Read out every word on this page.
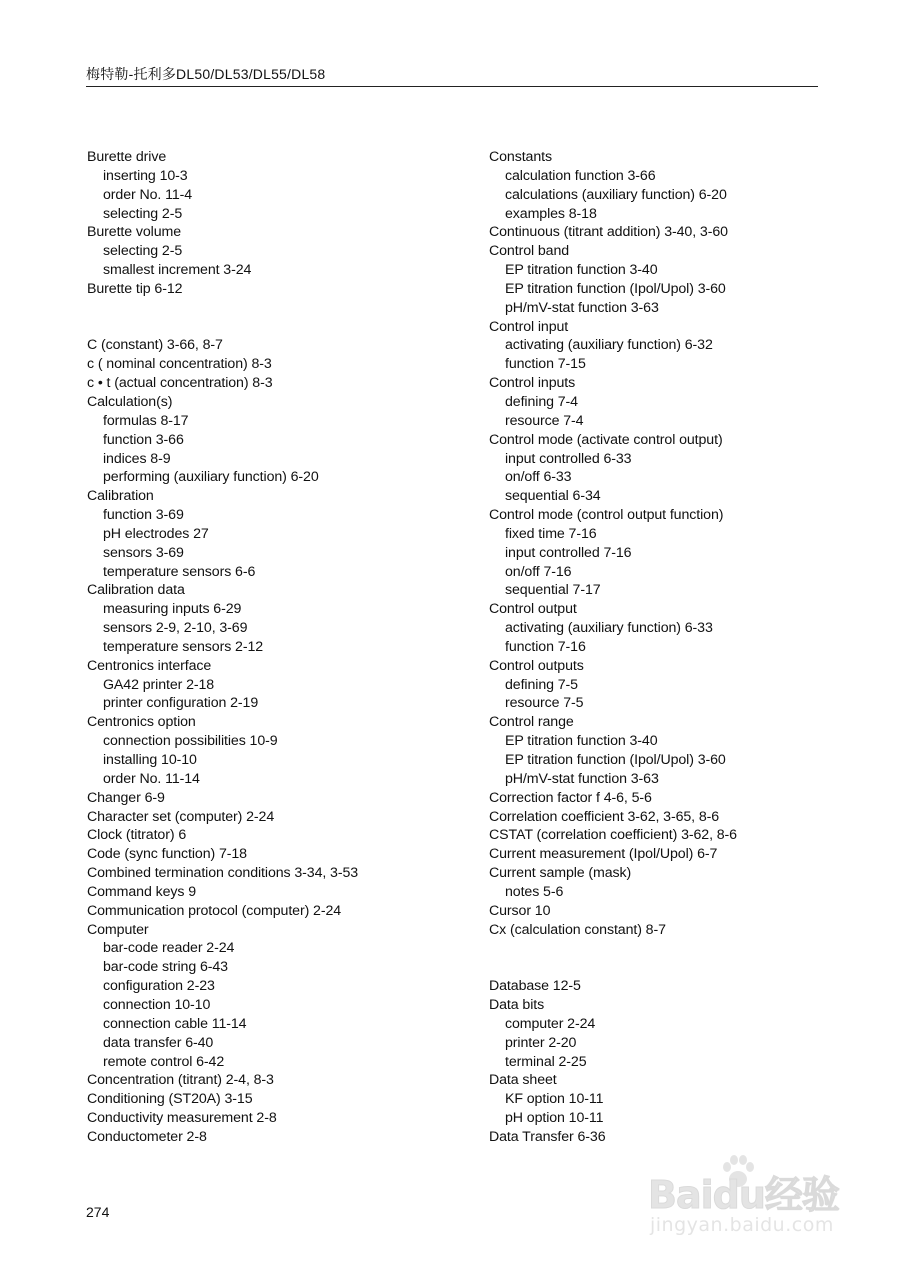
梅特勒-托利多DL50/DL53/DL55/DL58
Burette drive
inserting 10-3
order No. 11-4
selecting 2-5
Burette volume
selecting 2-5
smallest increment 3-24
Burette tip 6-12
C (constant) 3-66, 8-7
c ( nominal concentration) 8-3
c • t (actual concentration) 8-3
Calculation(s)
formulas 8-17
function 3-66
indices 8-9
performing (auxiliary function) 6-20
Calibration
function 3-69
pH electrodes 27
sensors 3-69
temperature sensors 6-6
Calibration data
measuring inputs 6-29
sensors 2-9, 2-10, 3-69
temperature sensors 2-12
Centronics interface
GA42 printer 2-18
printer configuration 2-19
Centronics option
connection possibilities 10-9
installing 10-10
order No. 11-14
Changer 6-9
Character set (computer) 2-24
Clock (titrator) 6
Code (sync function) 7-18
Combined termination conditions 3-34, 3-53
Command keys 9
Communication protocol (computer) 2-24
Computer
bar-code reader 2-24
bar-code string 6-43
configuration 2-23
connection 10-10
connection cable 11-14
data transfer 6-40
remote control 6-42
Concentration (titrant) 2-4, 8-3
Conditioning (ST20A) 3-15
Conductivity measurement 2-8
Conductometer 2-8
Constants
calculation function 3-66
calculations (auxiliary function) 6-20
examples 8-18
Continuous (titrant addition) 3-40, 3-60
Control band
EP titration function 3-40
EP titration function (Ipol/Upol) 3-60
pH/mV-stat function 3-63
Control input
activating (auxiliary function) 6-32
function 7-15
Control inputs
defining 7-4
resource 7-4
Control mode (activate control output)
input controlled 6-33
on/off 6-33
sequential 6-34
Control mode (control output function)
fixed time 7-16
input controlled 7-16
on/off 7-16
sequential 7-17
Control output
activating (auxiliary function) 6-33
function 7-16
Control outputs
defining 7-5
resource 7-5
Control range
EP titration function 3-40
EP titration function (Ipol/Upol) 3-60
pH/mV-stat function 3-63
Correction factor f 4-6, 5-6
Correlation coefficient 3-62, 3-65, 8-6
CSTAT (correlation coefficient) 3-62, 8-6
Current measurement (Ipol/Upol) 6-7
Current sample (mask)
notes 5-6
Cursor 10
Cx (calculation constant) 8-7
Database 12-5
Data bits
computer 2-24
printer 2-20
terminal 2-25
Data sheet
KF option 10-11
pH option 10-11
Data Transfer 6-36
274	Baidu经验
jingyan.baidu.com
